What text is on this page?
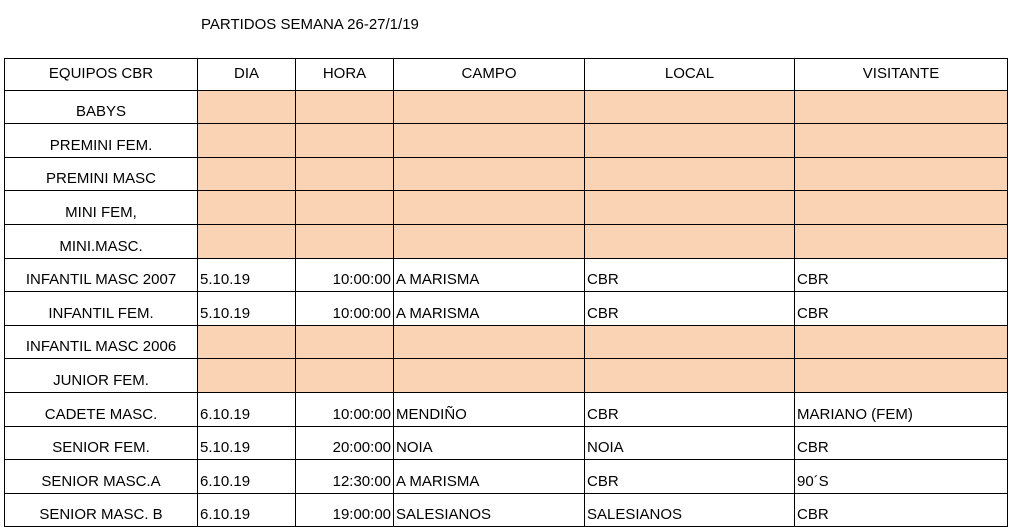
PARTIDOS SEMANA 26-27/1/19
EQUIPOS CBR	DIA	HORA	CAMPO	LOCAL	VISITANTE
BABYS					
PREMINI FEM.					
PREMINI MASC					
MINI FEM,					
MINI.MASC.					
INFANTIL MASC 2007	5.10.19	10:00:00	A MARISMA	CBR	CBR
INFANTIL FEM.	5.10.19	10:00:00	A MARISMA	CBR	CBR
INFANTIL MASC 2006					
JUNIOR FEM.					
CADETE MASC.	6.10.19	10:00:00	MENDIÑO	CBR	MARIANO (FEM)
SENIOR FEM.	5.10.19	20:00:00	NOIA	NOIA	CBR
SENIOR MASC.A	6.10.19	12:30:00	A MARISMA	CBR	90´S
SENIOR MASC. B	6.10.19	19:00:00	SALESIANOS	SALESIANOS	CBR
